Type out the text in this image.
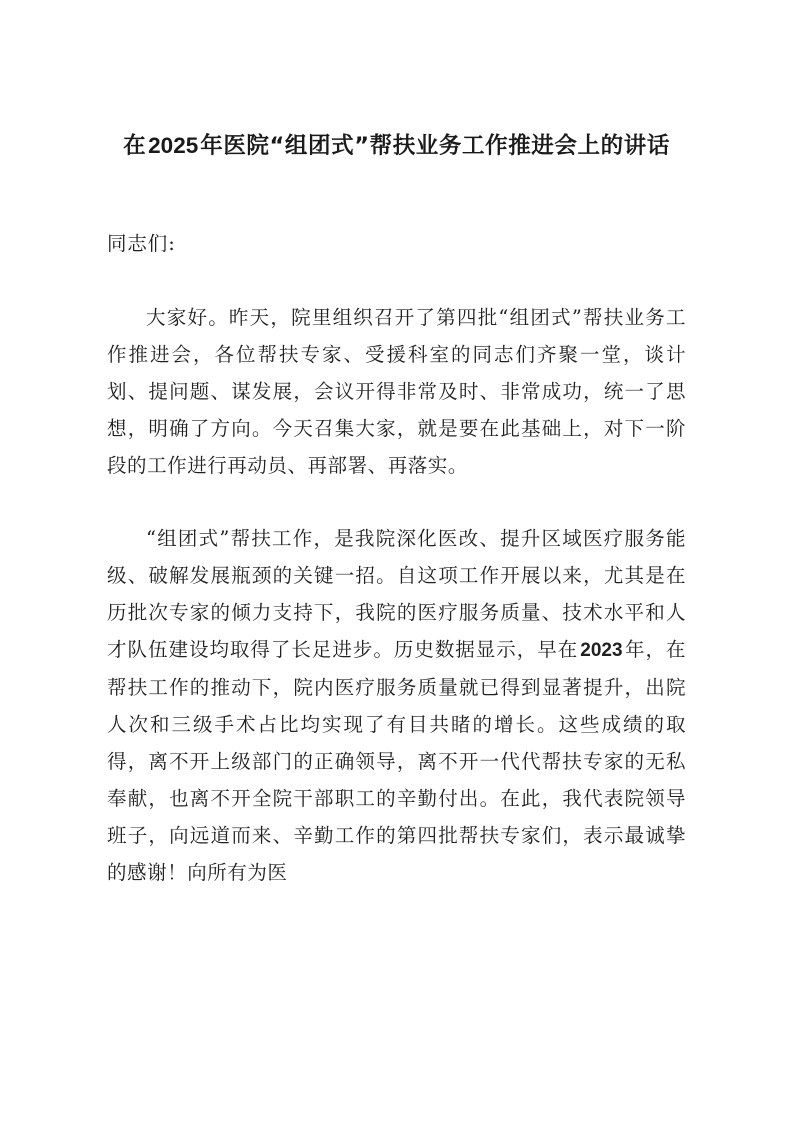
在2025年医院“组团式”帮扶业务工作推进会上的讲话

同志们:

大家好。昨天，院里组织召开了第四批“组团式”帮扶业务工作推进会，各位帮扶专家、受援科室的同志们齐聚一堂，谈计划、提问题、谋发展，会议开得非常及时、非常成功，统一了思想，明确了方向。今天召集大家，就是要在此基础上，对下一阶段的工作进行再动员、再部署、再落实。

“组团式”帮扶工作，是我院深化医改、提升区域医疗服务能级、破解发展瓶颈的关键一招。自这项工作开展以来，尤其是在历批次专家的倾力支持下，我院的医疗服务质量、技术水平和人才队伍建设均取得了长足进步。历史数据显示，早在 2023 年，在帮扶工作的推动下，院内医疗服务质量就已得到显著提升，出院人次和三级手术占比均实现了有目共睹的增长。这些成绩的取得，离不开上级部门的正确领导，离不开一代代帮扶专家的无私奉献，也离不开全院干部职工的辛勤付出。在此，我代表院领导班子，向远道而来、辛勤工作的第四批帮扶专家们，表示最诚挚的感谢！向所有为医
